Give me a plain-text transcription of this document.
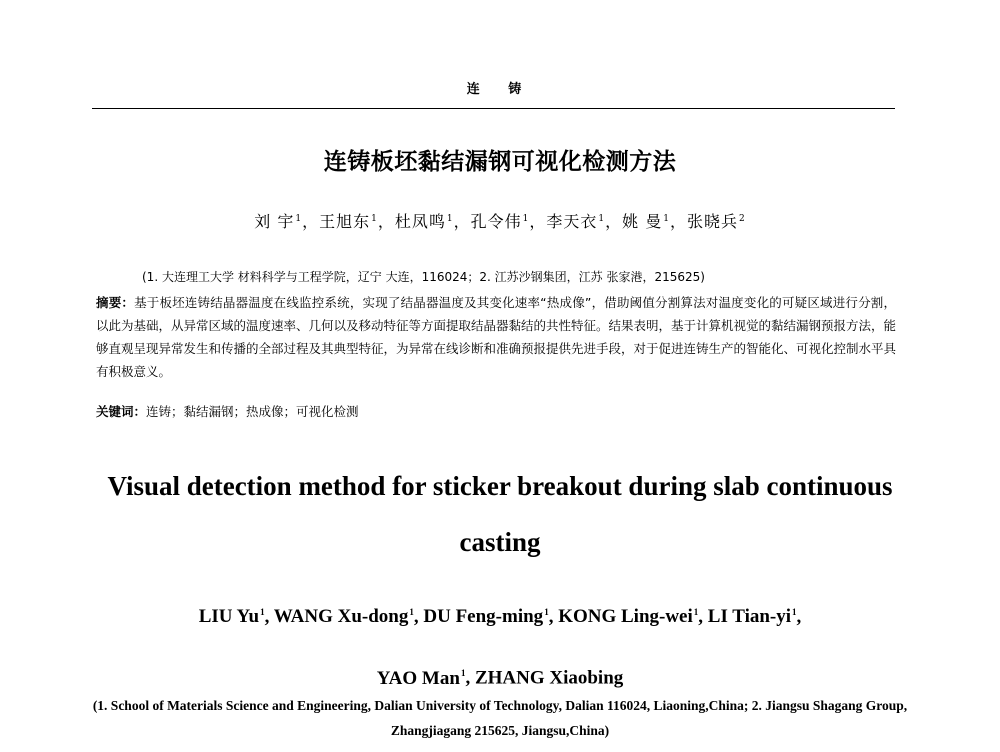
连 铸
连铸板坯黏结漏钢可视化检测方法
刘 宇$^1$，王旭东$^1$，杜凤鸣$^1$，孔令伟$^1$，李天衣$^1$，姚 曼$^1$，张晓兵$^2$
(1. 大连理工大学 材料科学与工程学院，辽宁 大连，116024；2. 江苏沙钢集团，江苏 张家港，215625)
摘要：基于板坯连铸结晶器温度在线监控系统，实现了结晶器温度及其变化速率“热成像”，借助阈值分割算法对温度变化的可疑区域进行分割，以此为基础，从异常区域的温度速率、几何以及移动特征等方面提取结晶器黏结的共性特征。结果表明，基于计算机视觉的黏结漏钢预报方法，能够直观呈现异常发生和传播的全部过程及其典型特征，为异常在线诊断和准确预报提供先进手段，对于促进连铸生产的智能化、可视化控制水平具有积极意义。
关键词：连铸；黏结漏钢；热成像；可视化检测
Visual detection method for sticker breakout during slab continuous casting
LIU Yu$^1$, WANG Xu-dong$^1$, DU Feng-ming$^1$, KONG Ling-wei$^1$, LI Tian-$yi^1$,
YAO Man$^1$, ZHANG Xiaobing
(1. School of Materials Science and Engineering, Dalian University of Technology, Dalian 116024, Liaoning,China; 2. Jiangsu Shagang Group, Zhangjiagang 215625, Jiangsu,China)
